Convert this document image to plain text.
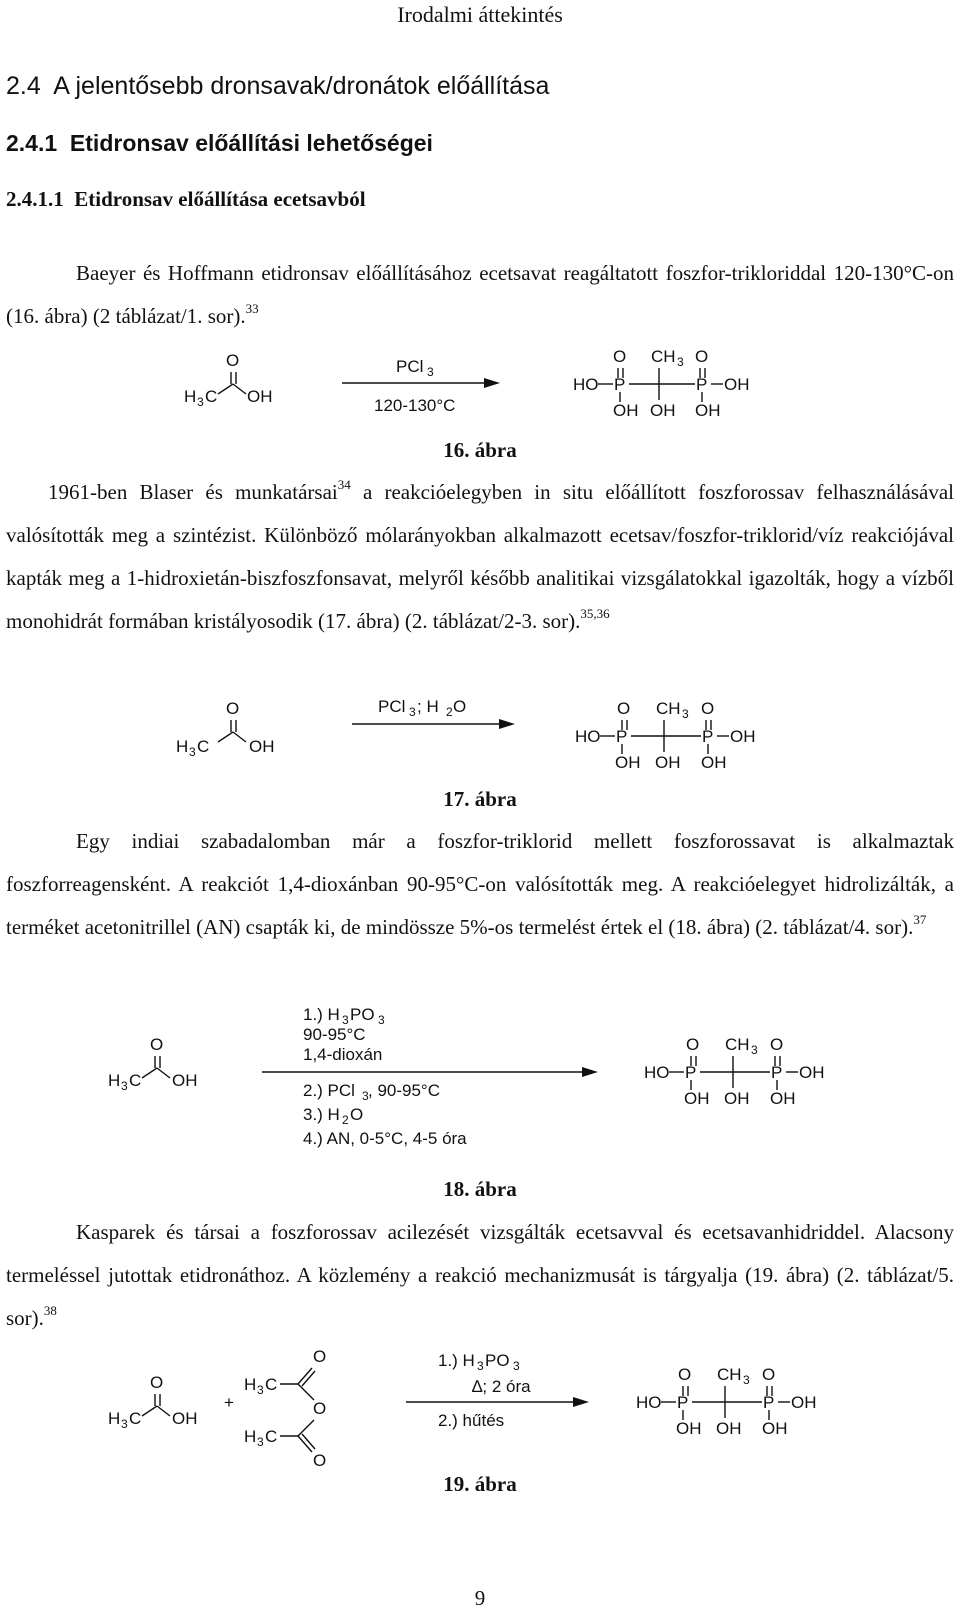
Irodalmi áttekintés
2.4  A jelentősebb dronsavak/dronátok előállítása
2.4.1  Etidronsav előállítási lehetőségei
2.4.1.1  Etidronsav előállítása ecetsavból
Baeyer és Hoffmann etidronsav előállításához ecetsavat reagáltatott foszfor-trikloriddal 120-130°C-on (16. ábra) (2 táblázat/1. sor).$^{33}$
O
H 3 C OH
PCl 3
120-130°C
O
HO P
CH 3
P OH
O
OH OH OH
16. ábra
1961-ben Blaser és munkatársai$^{34}$ a reakcióelegyben in situ előállított foszforossav felhasználásával valósították meg a szintézist. Különböző mólarányokban alkalmazott ecetsav/foszfor-triklorid/víz reakciójával kapták meg a 1-hidroxietán-biszfoszfonsavat, melyről később analitikai vizsgálatokkal igazolták, hogy a vízből monohidrát formában kristályosodik (17. ábra) (2. táblázat/2-3. sor).$^{35,36}$
O
H 3 C OH
PCl 3 ; H 2 O	O
HO P
CH 3
P OH
O
OH OH OH
17. ábra
Egy indiai szabadalomban már a foszfor-triklorid mellett foszforossavat is alkalmaztak foszforreagensként. A reakciót 1,4-dioxánban 90-95°C-on valósították meg. A reakcióelegyet hidrolizálták, a terméket acetonitrillel (AN) csapták ki, de mindössze 5%-os termelést értek el (18. ábra) (2. táblázat/4. sor).$^{37}$
O
H 3 C OH
1.) H 3 PO 3
90-95°C
1,4-dioxán
2.) PCl 3 , 90-95°C
3.) H 2 O
4.) AN, 0-5°C, 4-5 óra
O
HO P
CH 3
P OH
O
OH OH OH
18. ábra
Kasparek és társai a foszforossav acilezését vizsgálták ecetsavval és ecetsavanhidriddel. Alacsony termeléssel jutottak etidronáthoz. A közlemény a reakció mechanizmusát is tárgyalja (19. ábra) (2. táblázat/5. sor).$^{38}$
O
H 3 C OH
+
O
H 3 C
O
H 3 C
O
1.) H 3 PO 3
∆; 2 óra
2.) hűtés
O
HO P
CH 3
P OH
O
OH OH OH
19. ábra
9
